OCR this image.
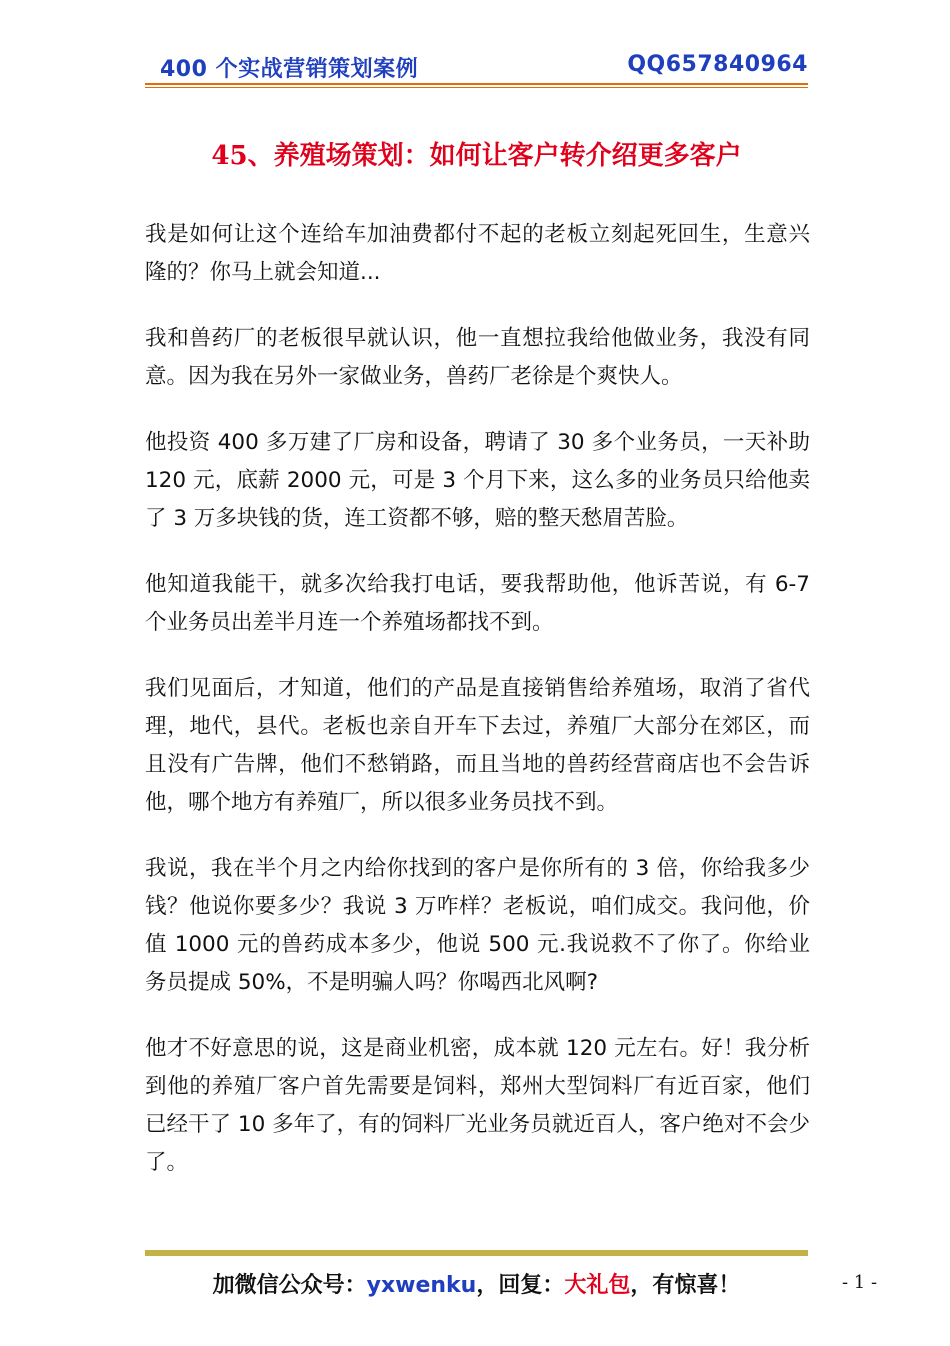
400 个实战营销策划案例	QQ657840964
45、养殖场策划：如何让客户转介绍更多客户

我是如何让这个连给车加油费都付不起的老板立刻起死回生，生意兴隆的？你马上就会知道...

我和兽药厂的老板很早就认识，他一直想拉我给他做业务，我没有同意。因为我在另外一家做业务，兽药厂老徐是个爽快人。

他投资 400 多万建了厂房和设备，聘请了 30 多个业务员，一天补助 120 元，底薪 2000 元，可是 3 个月下来，这么多的业务员只给他卖了 3 万多块钱的货，连工资都不够，赔的整天愁眉苦脸。

他知道我能干，就多次给我打电话，要我帮助他，他诉苦说，有 6-7 个业务员出差半月连一个养殖场都找不到。

我们见面后，才知道，他们的产品是直接销售给养殖场，取消了省代理，地代，县代。老板也亲自开车下去过，养殖厂大部分在郊区，而且没有广告牌，他们不愁销路，而且当地的兽药经营商店也不会告诉他，哪个地方有养殖厂，所以很多业务员找不到。

我说，我在半个月之内给你找到的客户是你所有的 3 倍，你给我多少钱？他说你要多少？我说 3 万咋样？老板说，咱们成交。我问他，价值 1000 元的兽药成本多少，他说 500 元.我说救不了你了。你给业务员提成 50%，不是明骗人吗？你喝西北风啊?

他才不好意思的说，这是商业机密，成本就 120 元左右。好！我分析到他的养殖厂客户首先需要是饲料，郑州大型饲料厂有近百家，他们已经干了 10 多年了，有的饲料厂光业务员就近百人，客户绝对不会少了。

加微信公众号：yxwenku，回复：大礼包，有惊喜！	- 1 -
